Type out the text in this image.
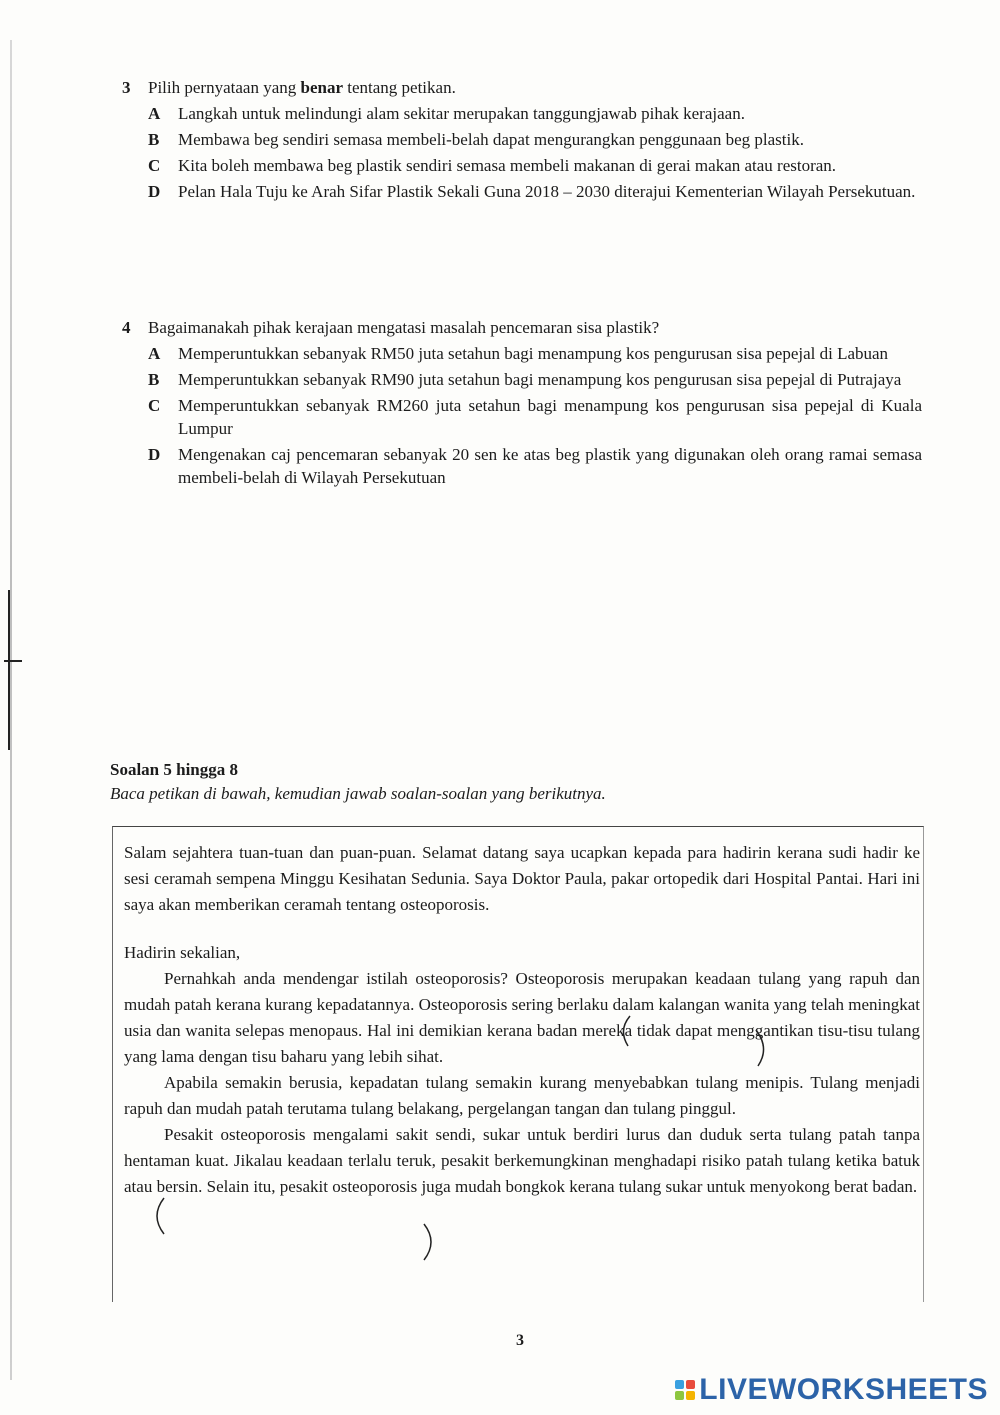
3	Pilih pernyataan yang benar tentang petikan.
A	Langkah untuk melindungi alam sekitar merupakan tanggungjawab pihak kerajaan.
B	Membawa beg sendiri semasa membeli-belah dapat mengurangkan penggunaan beg plastik.
C	Kita boleh membawa beg plastik sendiri semasa membeli makanan di gerai makan atau restoran.
D	Pelan Hala Tuju ke Arah Sifar Plastik Sekali Guna 2018 – 2030 diterajui Kementerian Wilayah Persekutuan.
4	Bagaimanakah pihak kerajaan mengatasi masalah pencemaran sisa plastik?
A	Memperuntukkan sebanyak RM50 juta setahun bagi menampung kos pengurusan sisa pepejal di Labuan
B	Memperuntukkan sebanyak RM90 juta setahun bagi menampung kos pengurusan sisa pepejal di Putrajaya
C	Memperuntukkan sebanyak RM260 juta setahun bagi menampung kos pengurusan sisa pepejal di Kuala Lumpur
D	Mengenakan caj pencemaran sebanyak 20 sen ke atas beg plastik yang digunakan oleh orang ramai semasa membeli-belah di Wilayah Persekutuan
Soalan 5 hingga 8
Baca petikan di bawah, kemudian jawab soalan-soalan yang berikutnya.

Salam sejahtera tuan-tuan dan puan-puan. Selamat datang saya ucapkan kepada para hadirin kerana sudi hadir ke sesi ceramah sempena Minggu Kesihatan Sedunia. Saya Doktor Paula, pakar ortopedik dari Hospital Pantai. Hari ini saya akan memberikan ceramah tentang osteoporosis.

Hadirin sekalian,

Pernahkah anda mendengar istilah osteoporosis? Osteoporosis merupakan keadaan tulang yang rapuh dan mudah patah kerana kurang kepadatannya. Osteoporosis sering berlaku dalam kalangan wanita yang telah meningkat usia dan wanita selepas menopaus. Hal ini demikian kerana badan mereka tidak dapat menggantikan tisu-tisu tulang yang lama dengan tisu baharu yang lebih sihat.

Apabila semakin berusia, kepadatan tulang semakin kurang menyebabkan tulang menipis. Tulang menjadi rapuh dan mudah patah terutama tulang belakang, pergelangan tangan dan tulang pinggul.

Pesakit osteoporosis mengalami sakit sendi, sukar untuk berdiri lurus dan duduk serta tulang patah tanpa hentaman kuat. Jikalau keadaan terlalu teruk, pesakit berkemungkinan menghadapi risiko patah tulang ketika batuk atau bersin. Selain itu, pesakit osteoporosis juga mudah bongkok kerana tulang sukar untuk menyokong berat badan.

3
LIVEWORKSHEETS
